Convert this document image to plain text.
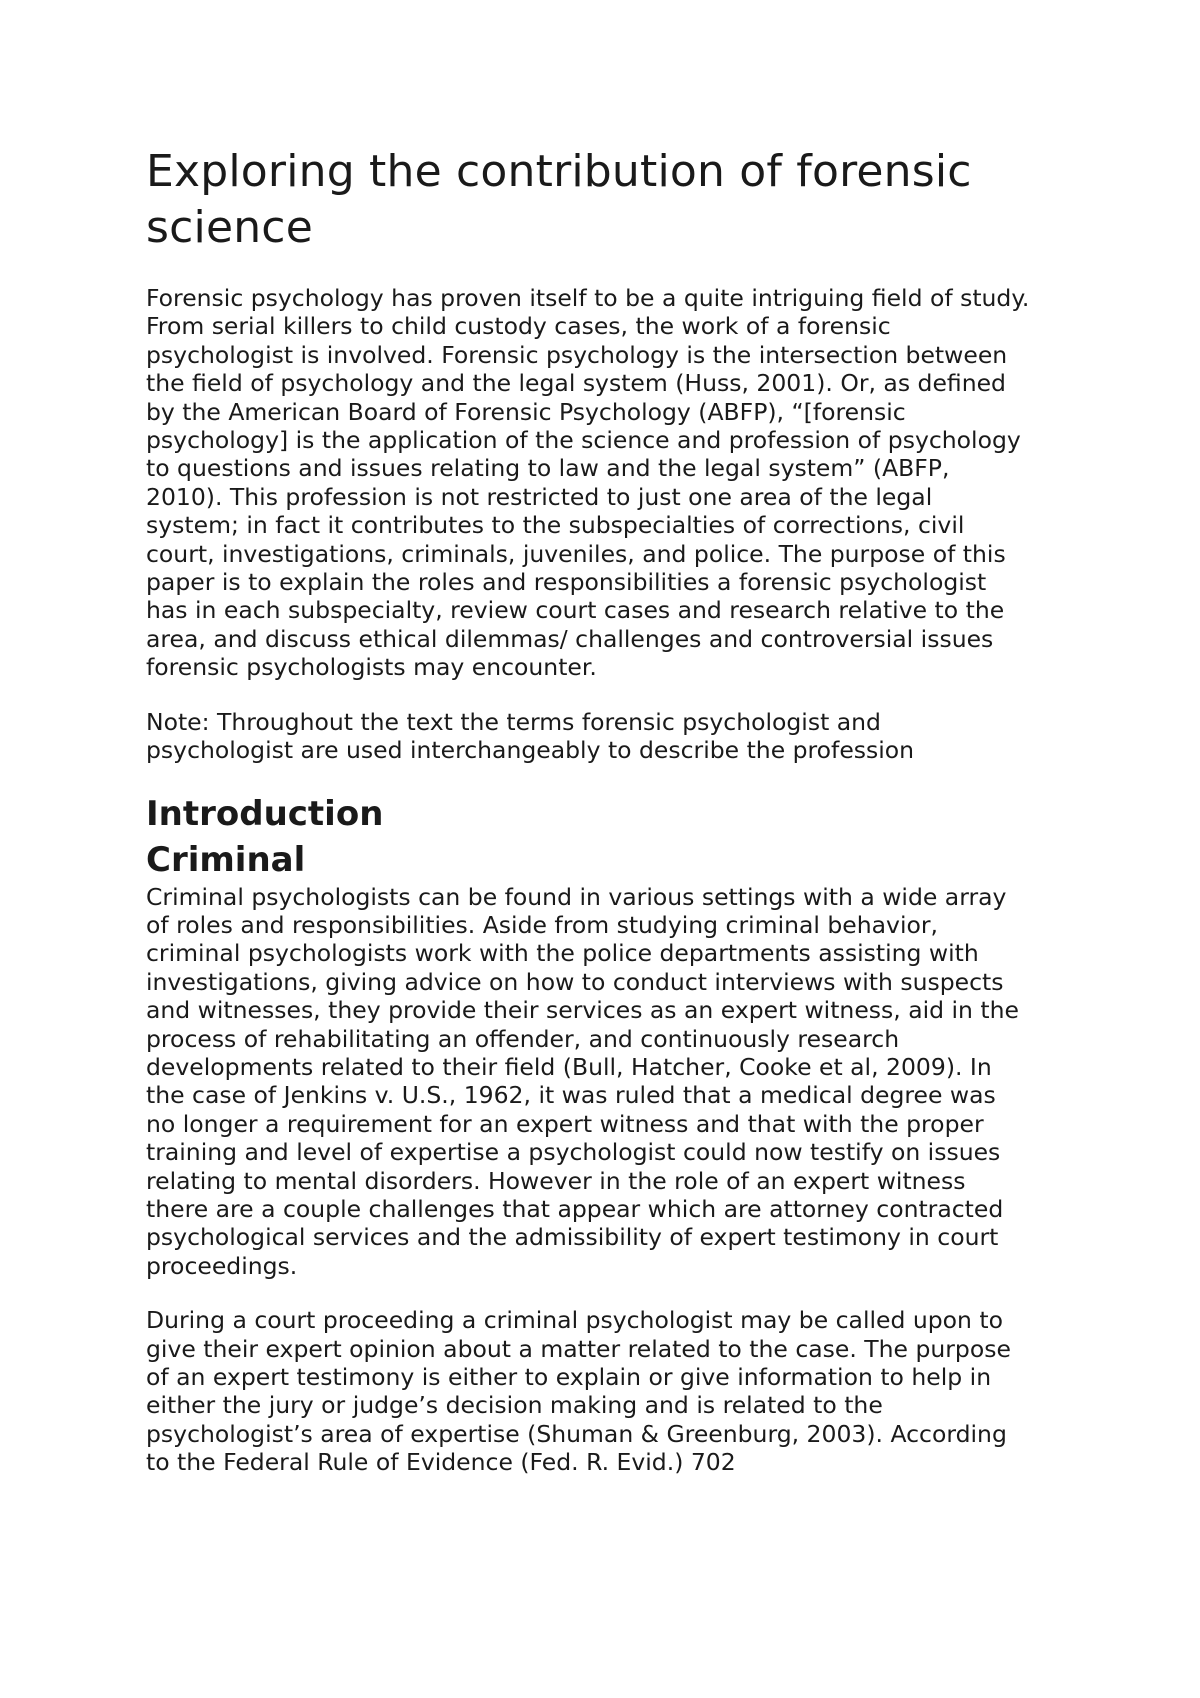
Exploring the contribution of forensic science

Forensic psychology has proven itself to be a quite intriguing field of study.
From serial killers to child custody cases, the work of a forensic
psychologist is involved. Forensic psychology is the intersection between
the field of psychology and the legal system (Huss, 2001). Or, as defined
by the American Board of Forensic Psychology (ABFP), “[forensic
psychology] is the application of the science and profession of psychology
to questions and issues relating to law and the legal system” (ABFP,
2010). This profession is not restricted to just one area of the legal
system; in fact it contributes to the subspecialties of corrections, civil
court, investigations, criminals, juveniles, and police. The purpose of this
paper is to explain the roles and responsibilities a forensic psychologist
has in each subspecialty, review court cases and research relative to the
area, and discuss ethical dilemmas/ challenges and controversial issues
forensic psychologists may encounter.

Note: Throughout the text the terms forensic psychologist and
psychologist are used interchangeably to describe the profession

Introduction
Criminal

Criminal psychologists can be found in various settings with a wide array
of roles and responsibilities. Aside from studying criminal behavior,
criminal psychologists work with the police departments assisting with
investigations, giving advice on how to conduct interviews with suspects
and witnesses, they provide their services as an expert witness, aid in the
process of rehabilitating an offender, and continuously research
developments related to their field (Bull, Hatcher, Cooke et al, 2009). In
the case of Jenkins v. U.S., 1962, it was ruled that a medical degree was
no longer a requirement for an expert witness and that with the proper
training and level of expertise a psychologist could now testify on issues
relating to mental disorders. However in the role of an expert witness
there are a couple challenges that appear which are attorney contracted
psychological services and the admissibility of expert testimony in court
proceedings.

During a court proceeding a criminal psychologist may be called upon to
give their expert opinion about a matter related to the case. The purpose
of an expert testimony is either to explain or give information to help in
either the jury or judge’s decision making and is related to the
psychologist’s area of expertise (Shuman & Greenburg, 2003). According
to the Federal Rule of Evidence (Fed. R. Evid.) 702
